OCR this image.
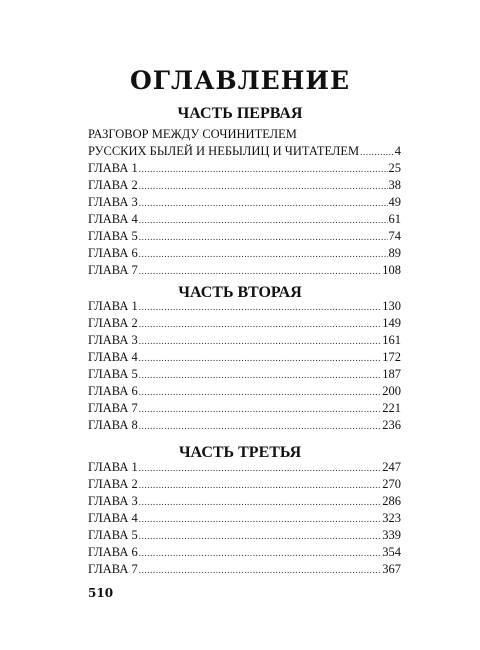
ОГЛАВЛЕНИЕ
ЧАСТЬ ПЕРВАЯ
РАЗГОВОР МЕЖДУ СОЧИНИТЕЛЕМ
РУССКИХ БЫЛЕЙ И НЕБЫЛИЦ И ЧИТАТЕЛЕМ .....	4
ГЛАВА 1 .....	25
ГЛАВА 2 .....	38
ГЛАВА 3 .....	49
ГЛАВА 4 .....	61
ГЛАВА 5 .....	74
ГЛАВА 6 .....	89
ГЛАВА 7 .....	108
ЧАСТЬ ВТОРАЯ
ГЛАВА 1 .....	130
ГЛАВА 2 .....	149
ГЛАВА 3 .....	161
ГЛАВА 4 .....	172
ГЛАВА 5 .....	187
ГЛАВА 6 .....	200
ГЛАВА 7 .....	221
ГЛАВА 8 .....	236
ЧАСТЬ ТРЕТЬЯ
ГЛАВА 1 .....	247
ГЛАВА 2 .....	270
ГЛАВА 3 .....	286
ГЛАВА 4 .....	323
ГЛАВА 5 .....	339
ГЛАВА 6 .....	354
ГЛАВА 7 .....	367
510
